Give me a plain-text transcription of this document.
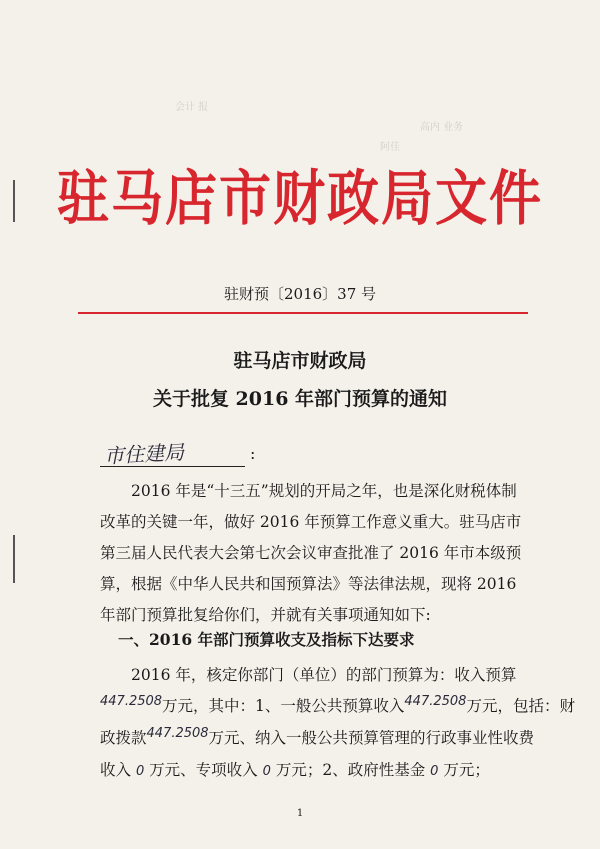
会计 报
高内 业务
阿佳
驻马店市财政局文件
驻财预〔2016〕37 号
驻马店市财政局
关于批复 2016 年部门预算的通知
市住建局	:
2016 年是“十三五”规划的开局之年，也是深化财税体制
改革的关键一年，做好 2016 年预算工作意义重大。驻马店市
第三届人民代表大会第七次会议审查批准了 2016 年市本级预
算，根据《中华人民共和国预算法》等法律法规，现将 2016
年部门预算批复给你们，并就有关事项通知如下:
一、2016 年部门预算收支及指标下达要求
2016 年，核定你部门（单位）的部门预算为：收入预算
$^{447.2508}$万元，其中：1、一般公共预算收入$^{447.2508}$万元，包括：财
政拨款$^{447.2508}$万元、纳入一般公共预算管理的行政事业性收费
收入 0 万元、专项收入 0 万元；2、政府性基金 0 万元；
1
